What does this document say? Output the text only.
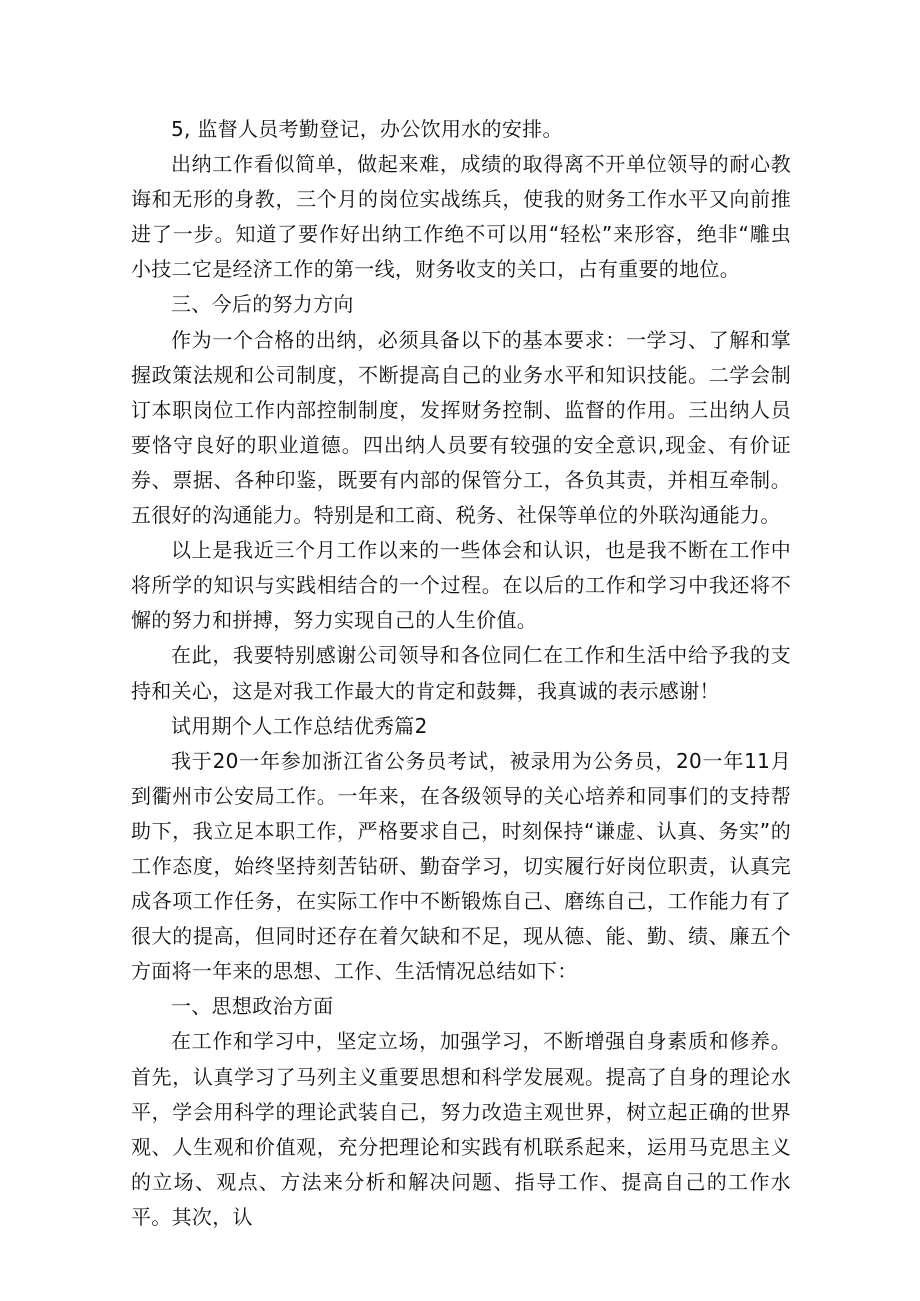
5, 监督人员考勤登记，办公饮用水的安排。

出纳工作看似简单，做起来难，成绩的取得离不开单位领导的耐心教诲和无形的身教，三个月的岗位实战练兵，使我的财务工作水平又向前推进了一步。知道了要作好出纳工作绝不可以用“轻松”来形容，绝非“雕虫小技二它是经济工作的第一线，财务收支的关口，占有重要的地位。

三、今后的努力方向

作为一个合格的出纳，必须具备以下的基本要求：一学习、了解和掌握政策法规和公司制度，不断提高自己的业务水平和知识技能。二学会制订本职岗位工作内部控制制度，发挥财务控制、监督的作用。三出纳人员要恪守良好的职业道德。四出纳人员要有较强的安全意识,现金、有价证券、票据、各种印鉴，既要有内部的保管分工，各负其责，并相互牵制。五很好的沟通能力。特别是和工商、税务、社保等单位的外联沟通能力。

以上是我近三个月工作以来的一些体会和认识，也是我不断在工作中将所学的知识与实践相结合的一个过程。在以后的工作和学习中我还将不懈的努力和拼搏，努力实现自己的人生价值。

在此，我要特别感谢公司领导和各位同仁在工作和生活中给予我的支持和关心，这是对我工作最大的肯定和鼓舞，我真诚的表示感谢！

试用期个人工作总结优秀篇2

我于20一年参加浙江省公务员考试，被录用为公务员，20一年11月到衢州市公安局工作。一年来，在各级领导的关心培养和同事们的支持帮助下，我立足本职工作，严格要求自己，时刻保持“谦虚、认真、务实”的工作态度，始终坚持刻苦钻研、勤奋学习，切实履行好岗位职责，认真完成各项工作任务，在实际工作中不断锻炼自己、磨练自己，工作能力有了很大的提高，但同时还存在着欠缺和不足，现从德、能、勤、绩、廉五个方面将一年来的思想、工作、生活情况总结如下：

一、思想政治方面

在工作和学习中，坚定立场，加强学习，不断增强自身素质和修养。首先，认真学习了马列主义重要思想和科学发展观。提高了自身的理论水平，学会用科学的理论武装自己，努力改造主观世界，树立起正确的世界观、人生观和价值观，充分把理论和实践有机联系起来，运用马克思主义的立场、观点、方法来分析和解决问题、指导工作、提高自己的工作水平。其次，认
